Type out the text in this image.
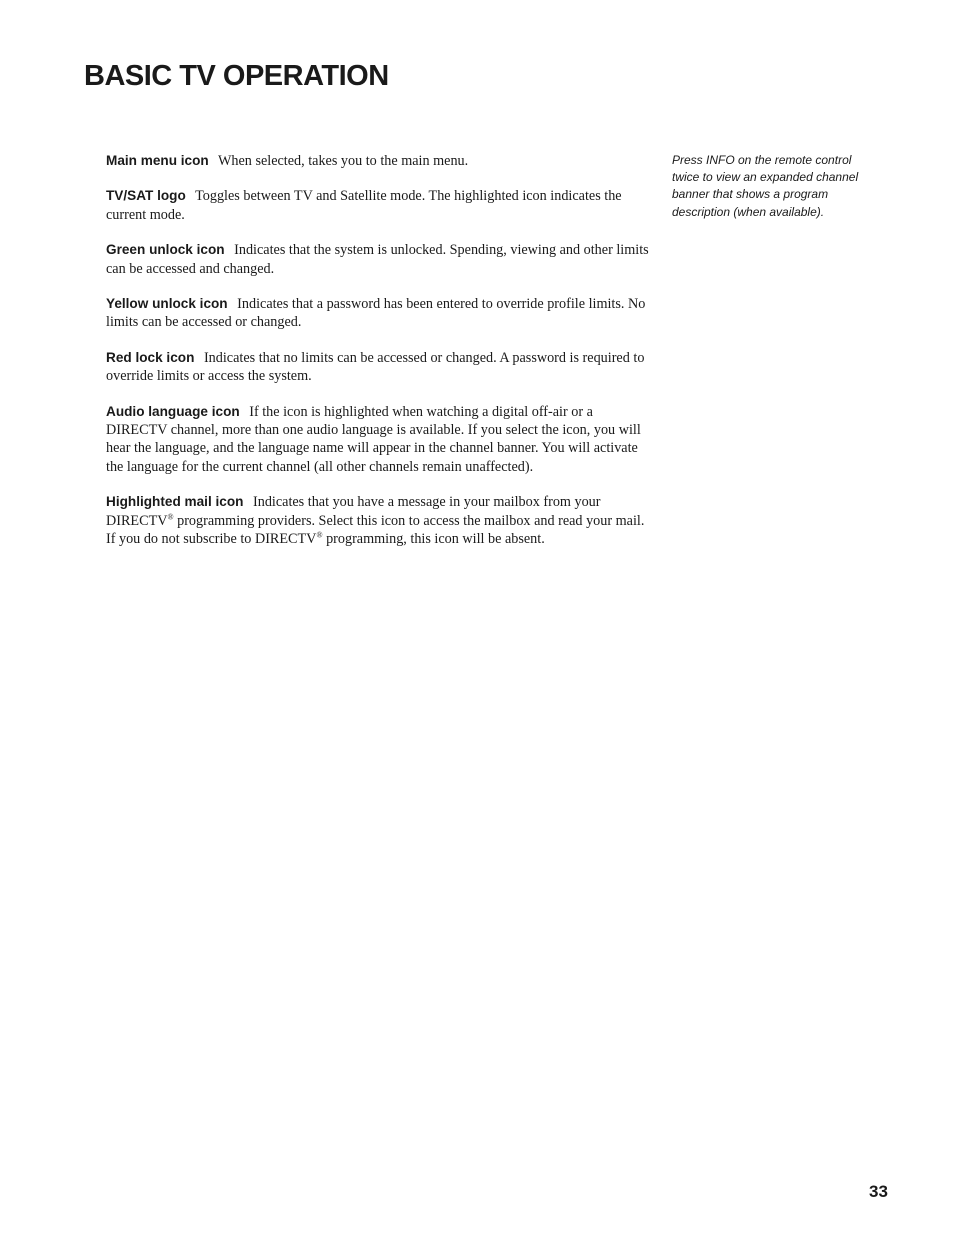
BASIC TV OPERATION

Main menu icon When selected, takes you to the main menu.

TV/SAT logo Toggles between TV and Satellite mode. The highlighted icon indicates the current mode.

Green unlock icon Indicates that the system is unlocked. Spending, viewing and other limits can be accessed and changed.

Yellow unlock icon Indicates that a password has been entered to override profile limits. No limits can be accessed or changed.

Red lock icon Indicates that no limits can be accessed or changed. A password is required to override limits or access the system.

Audio language icon If the icon is highlighted when watching a digital off-air or a DIRECTV channel, more than one audio language is available. If you select the icon, you will hear the language, and the language name will appear in the channel banner. You will activate the language for the current channel (all other channels remain unaffected).

Highlighted mail icon Indicates that you have a message in your mailbox from your DIRECTV® programming providers. Select this icon to access the mailbox and read your mail. If you do not subscribe to DIRECTV® programming, this icon will be absent.

Press INFO on the remote control twice to view an expanded channel banner that shows a program description (when available).

33
